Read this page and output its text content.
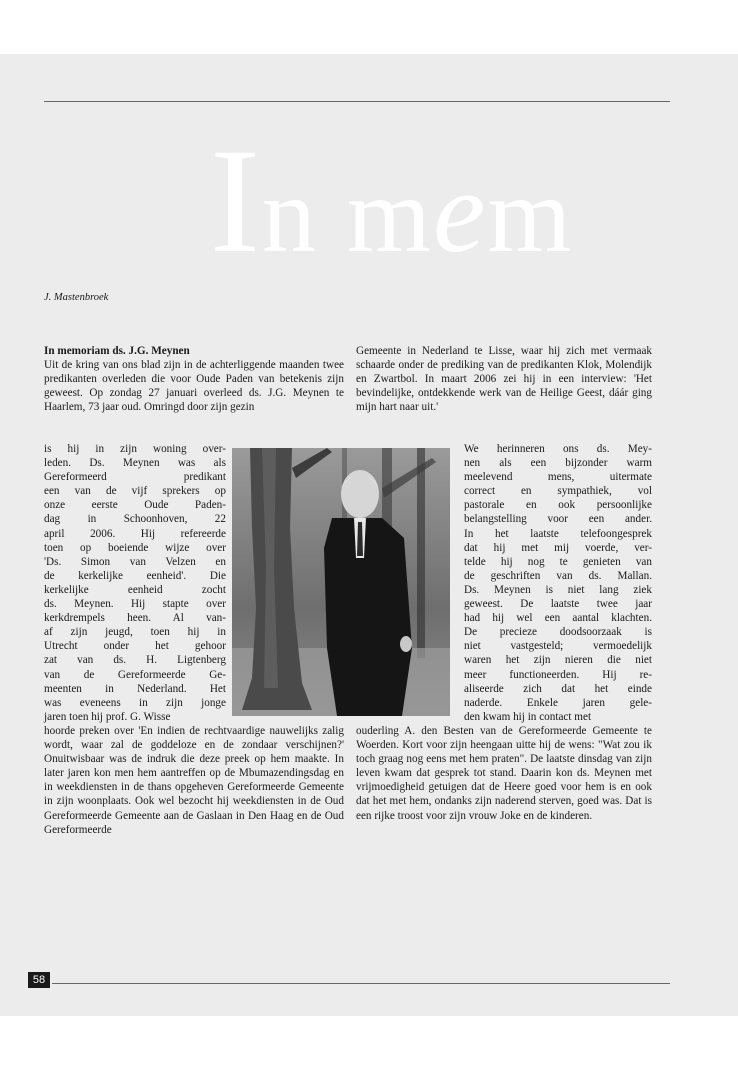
In mem
J. Mastenbroek

In memoriam ds. J.G. Meynen

Uit de kring van ons blad zijn in de achterliggende maanden twee predikanten overleden die voor Oude Paden van betekenis zijn geweest. Op zondag 27 januari overleed ds. J.G. Meynen te Haarlem, 73 jaar oud. Omringd door zijn gezin

is hij in zijn woning over-

leden. Ds. Meynen was als

Gereformeerd predikant

een van de vijf sprekers op

onze eerste Oude Paden-

dag in Schoonhoven, 22

april 2006. Hij refereerde

toen op boeiende wijze over

'Ds. Simon van Velzen en

de kerkelijke eenheid'. Die

kerkelijke eenheid zocht

ds. Meynen. Hij stapte over

kerkdrempels heen. Al van-

af zijn jeugd, toen hij in

Utrecht onder het gehoor

zat van ds. H. Ligtenberg

van de Gereformeerde Ge-

meenten in Nederland. Het

was eveneens in zijn jonge

jaren toen hij prof. G. Wisse

hoorde preken over 'En indien de rechtvaardige nauwelijks zalig wordt, waar zal de goddeloze en de zondaar verschijnen?' Onuitwisbaar was de indruk die deze preek op hem maakte. In later jaren kon men hem aantreffen op de Mbumazendingsdag en in weekdiensten in de thans opgeheven Gereformeerde Gemeente in zijn woonplaats. Ook wel bezocht hij weekdiensten in de Oud Gereformeerde Gemeente aan de Gaslaan in Den Haag en de Oud Gereformeerde

Gemeente in Nederland te Lisse, waar hij zich met vermaak schaarde onder de prediking van de predikanten Klok, Molendijk en Zwartbol. In maart 2006 zei hij in een interview: 'Het bevindelijke, ontdekkende werk van de Heilige Geest, dáár ging mijn hart naar uit.'

We herinneren ons ds. Mey-

nen als een bijzonder warm

meelevend mens, uitermate

correct en sympathiek, vol

pastorale en ook persoonlijke

belangstelling voor een ander.

In het laatste telefoongesprek

dat hij met mij voerde, ver-

telde hij nog te genieten van

de geschriften van ds. Mallan.

Ds. Meynen is niet lang ziek

geweest. De laatste twee jaar

had hij wel een aantal klachten.

De precieze doodsoorzaak is

niet vastgesteld; vermoedelijk

waren het zijn nieren die niet

meer functioneerden. Hij re-

aliseerde zich dat het einde

naderde. Enkele jaren gele-

den kwam hij in contact met

ouderling A. den Besten van de Gereformeerde Gemeente te Woerden. Kort voor zijn heengaan uitte hij de wens: "Wat zou ik toch graag nog eens met hem praten". De laatste dinsdag van zijn leven kwam dat gesprek tot stand. Daarin kon ds. Meynen met vrijmoedigheid getuigen dat de Heere goed voor hem is en ook dat het met hem, ondanks zijn naderend sterven, goed was. Dat is een rijke troost voor zijn vrouw Joke en de kinderen.

58
